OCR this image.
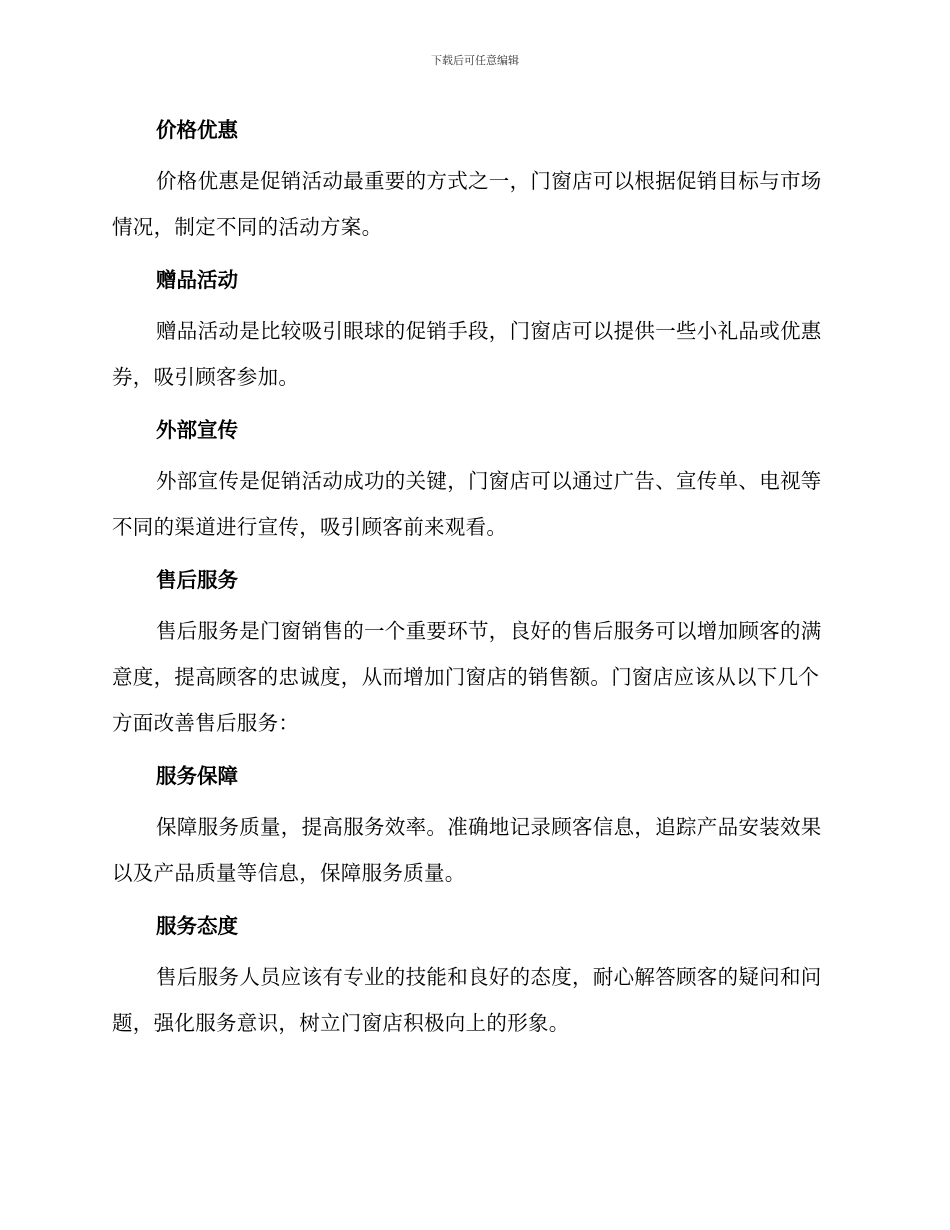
下载后可任意编辑
价格优惠

价格优惠是促销活动最重要的方式之一，门窗店可以根据促销目标与市场情况，制定不同的活动方案。

赠品活动

赠品活动是比较吸引眼球的促销手段，门窗店可以提供一些小礼品或优惠券，吸引顾客参加。

外部宣传

外部宣传是促销活动成功的关键，门窗店可以通过广告、宣传单、电视等不同的渠道进行宣传，吸引顾客前来观看。

售后服务

售后服务是门窗销售的一个重要环节，良好的售后服务可以增加顾客的满意度，提高顾客的忠诚度，从而增加门窗店的销售额。门窗店应该从以下几个方面改善售后服务：

服务保障

保障服务质量，提高服务效率。准确地记录顾客信息，追踪产品安装效果以及产品质量等信息，保障服务质量。

服务态度

售后服务人员应该有专业的技能和良好的态度，耐心解答顾客的疑问和问题，强化服务意识，树立门窗店积极向上的形象。
